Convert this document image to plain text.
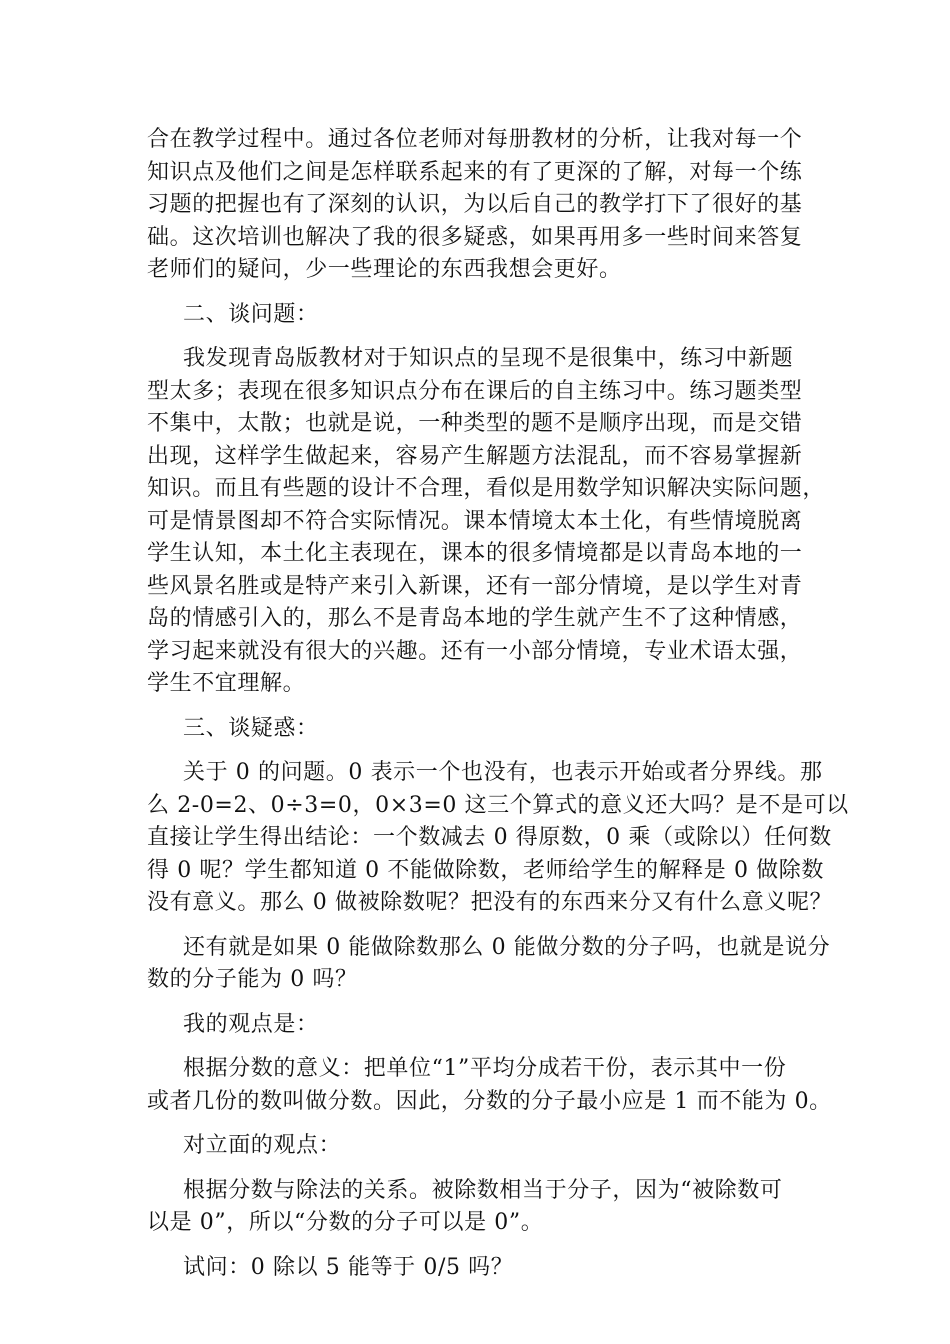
合在教学过程中。通过各位老师对每册教材的分析，让我对每一个
知识点及他们之间是怎样联系起来的有了更深的了解，对每一个练
习题的把握也有了深刻的认识，为以后自己的教学打下了很好的基
础。这次培训也解决了我的很多疑惑，如果再用多一些时间来答复
老师们的疑问，少一些理论的东西我想会更好。
二、谈问题：
我发现青岛版教材对于知识点的呈现不是很集中，练习中新题
型太多；表现在很多知识点分布在课后的自主练习中。练习题类型
不集中，太散；也就是说，一种类型的题不是顺序出现，而是交错
出现，这样学生做起来，容易产生解题方法混乱，而不容易掌握新
知识。而且有些题的设计不合理，看似是用数学知识解决实际问题，
可是情景图却不符合实际情况。课本情境太本土化，有些情境脱离
学生认知，本土化主表现在，课本的很多情境都是以青岛本地的一
些风景名胜或是特产来引入新课，还有一部分情境，是以学生对青
岛的情感引入的，那么不是青岛本地的学生就产生不了这种情感，
学习起来就没有很大的兴趣。还有一小部分情境，专业术语太强，
学生不宜理解。
三、谈疑惑：
关于 0 的问题。0 表示一个也没有，也表示开始或者分界线。那
么 2-0=2、0÷3=0，0×3=0 这三个算式的意义还大吗？是不是可以
直接让学生得出结论：一个数减去 0 得原数，0 乘（或除以）任何数
得 0 呢？学生都知道 0 不能做除数，老师给学生的解释是 0 做除数
没有意义。那么 0 做被除数呢？把没有的东西来分又有什么意义呢？
还有就是如果 0 能做除数那么 0 能做分数的分子吗，也就是说分
数的分子能为 0 吗？
我的观点是：
根据分数的意义：把单位“1”平均分成若干份，表示其中一份
或者几份的数叫做分数。因此，分数的分子最小应是 1 而不能为 0。
对立面的观点：
根据分数与除法的关系。被除数相当于分子，因为“被除数可
以是 0”，所以“分数的分子可以是 0”。
试问：0 除以 5 能等于 0/5 吗？
